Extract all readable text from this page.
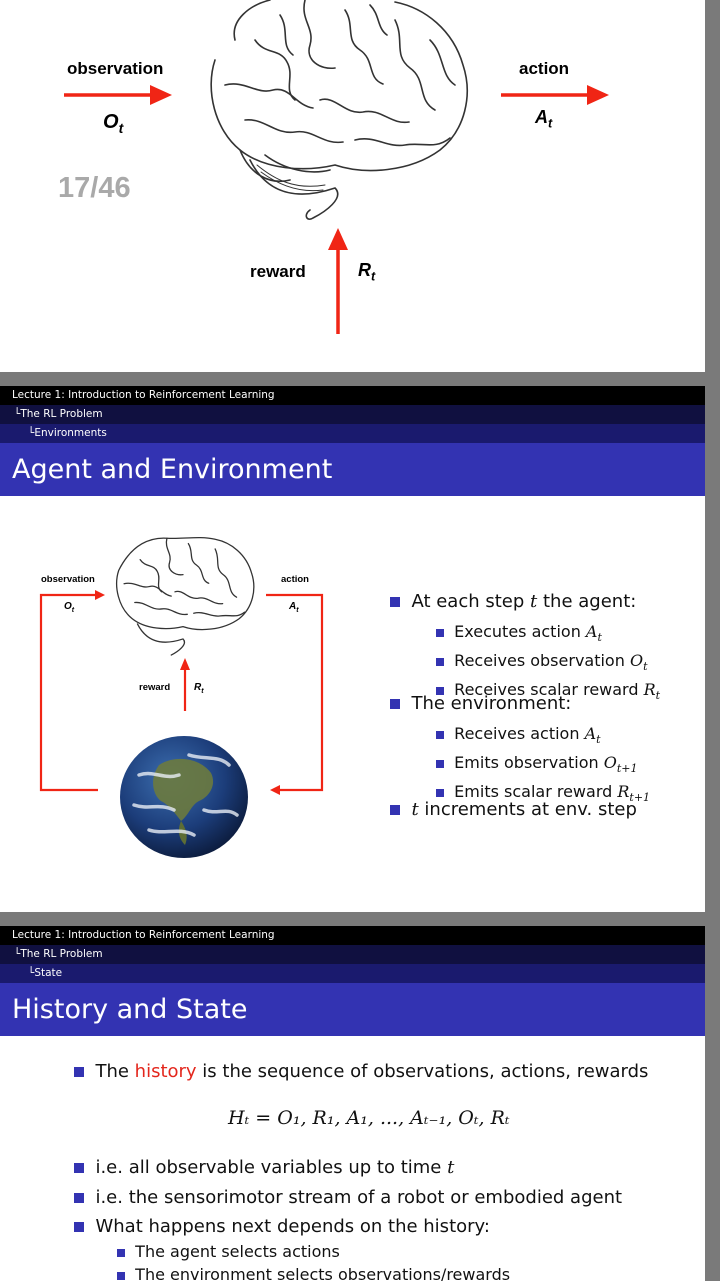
observation
$O_t$
action
$A_t$
17/46
reward	$R_t$
Lecture 1: Introduction to Reinforcement Learning
└The RL Problem
└Environments
Agent and Environment
observation
$O_t$
action
$A_t$
reward $R_t$
At each step t the agent:
Executes action $A_t$
Receives observation $O_t$
Receives scalar reward $R_t$
The environment:
Receives action $A_t$
Emits observation $O_{t+1}$
Emits scalar reward $R_{t+1}$
t increments at env. step
Lecture 1: Introduction to Reinforcement Learning
└The RL Problem
└State
History and State
The history is the sequence of observations, actions, rewards
Hₜ = O₁, R₁, A₁, ..., Aₜ₋₁, Oₜ, Rₜ
i.e. all observable variables up to time t
i.e. the sensorimotor stream of a robot or embodied agent
What happens next depends on the history:
The agent selects actions
The environment selects observations/rewards
